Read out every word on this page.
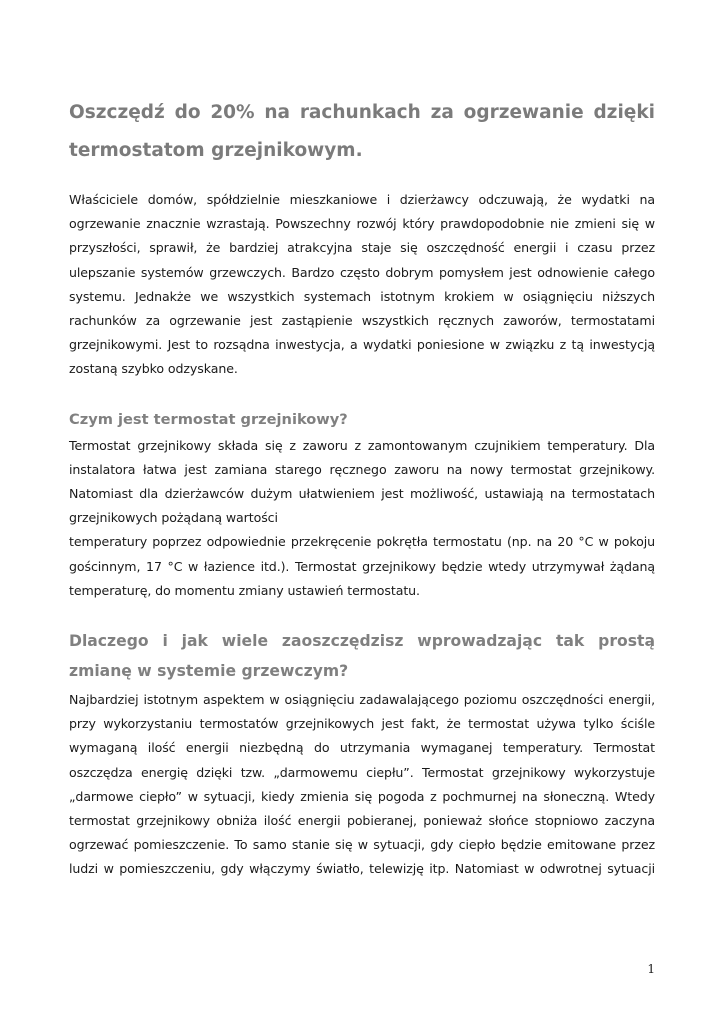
Oszczędź do 20% na rachunkach za ogrzewanie dzięki termostatom grzejnikowym.

Właściciele domów, spółdzielnie mieszkaniowe i dzierżawcy odczuwają, że wydatki na ogrzewanie znacznie wzrastają. Powszechny rozwój który prawdopodobnie nie zmieni się w przyszłości, sprawił, że bardziej atrakcyjna staje się oszczędność energii i czasu przez ulepszanie systemów grzewczych. Bardzo często dobrym pomysłem jest odnowienie całego systemu. Jednakże we wszystkich systemach istotnym krokiem w osiągnięciu niższych rachunków za ogrzewanie jest zastąpienie wszystkich ręcznych zaworów, termostatami grzejnikowymi. Jest to rozsądna inwestycja, a wydatki poniesione w związku z tą inwestycją zostaną szybko odzyskane.

Czym jest termostat grzejnikowy?

Termostat grzejnikowy składa się z zaworu z zamontowanym czujnikiem temperatury. Dla instalatora łatwa jest zamiana starego ręcznego zaworu na nowy termostat grzejnikowy. Natomiast dla dzierżawców dużym ułatwieniem jest możliwość, ustawiają na termostatach grzejnikowych pożądaną wartości

temperatury poprzez odpowiednie przekręcenie pokrętła termostatu (np. na 20 °C w pokoju gościnnym, 17 °C w łazience itd.). Termostat grzejnikowy będzie wtedy utrzymywał żądaną temperaturę, do momentu zmiany ustawień termostatu.

Dlaczego i jak wiele zaoszczędzisz wprowadzając tak prostą zmianę w systemie grzewczym?

Najbardziej istotnym aspektem w osiągnięciu zadawalającego poziomu oszczędności energii, przy wykorzystaniu termostatów grzejnikowych jest fakt, że termostat używa tylko ściśle wymaganą ilość energii niezbędną do utrzymania wymaganej temperatury. Termostat oszczędza energię dzięki tzw. „darmowemu ciepłu”. Termostat grzejnikowy wykorzystuje „darmowe ciepło” w sytuacji, kiedy zmienia się pogoda z pochmurnej na słoneczną. Wtedy termostat grzejnikowy obniża ilość energii pobieranej, ponieważ słońce stopniowo zaczyna ogrzewać pomieszczenie. To samo stanie się w sytuacji, gdy ciepło będzie emitowane przez ludzi w pomieszczeniu, gdy włączymy światło, telewizję itp. Natomiast w odwrotnej sytuacji

1
